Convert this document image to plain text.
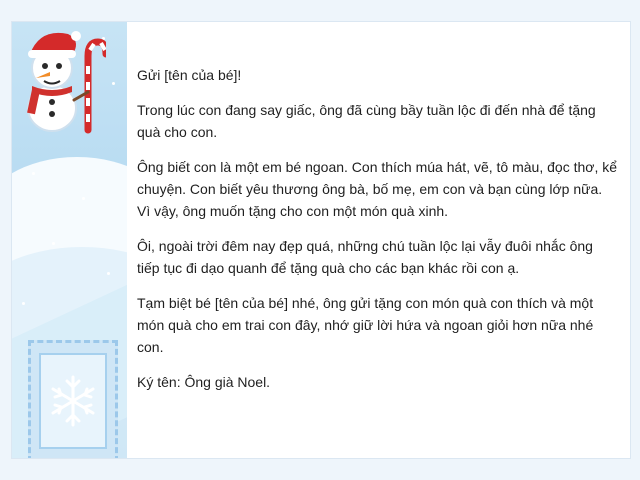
Gửi [tên của bé]!

Trong lúc con đang say giấc, ông đã cùng bầy tuần lộc đi đến nhà để tặng quà cho con.

Ông biết con là một em bé ngoan. Con thích múa hát, vẽ, tô màu, đọc thơ, kể chuyện. Con biết yêu thương ông bà, bố mẹ, em con và bạn cùng lớp nữa. Vì vậy, ông muốn tặng cho con một món quà xinh.

Ôi, ngoài trời đêm nay đẹp quá, những chú tuần lộc lại vẫy đuôi nhắc ông tiếp tục đi dạo quanh để tặng quà cho các bạn khác rồi con ạ.

Tạm biệt bé [tên của bé] nhé, ông gửi tặng con món quà con thích và một món quà cho em trai con đây, nhớ giữ lời hứa và ngoan giỏi hơn nữa nhé con.

Ký tên: Ông già Noel.
